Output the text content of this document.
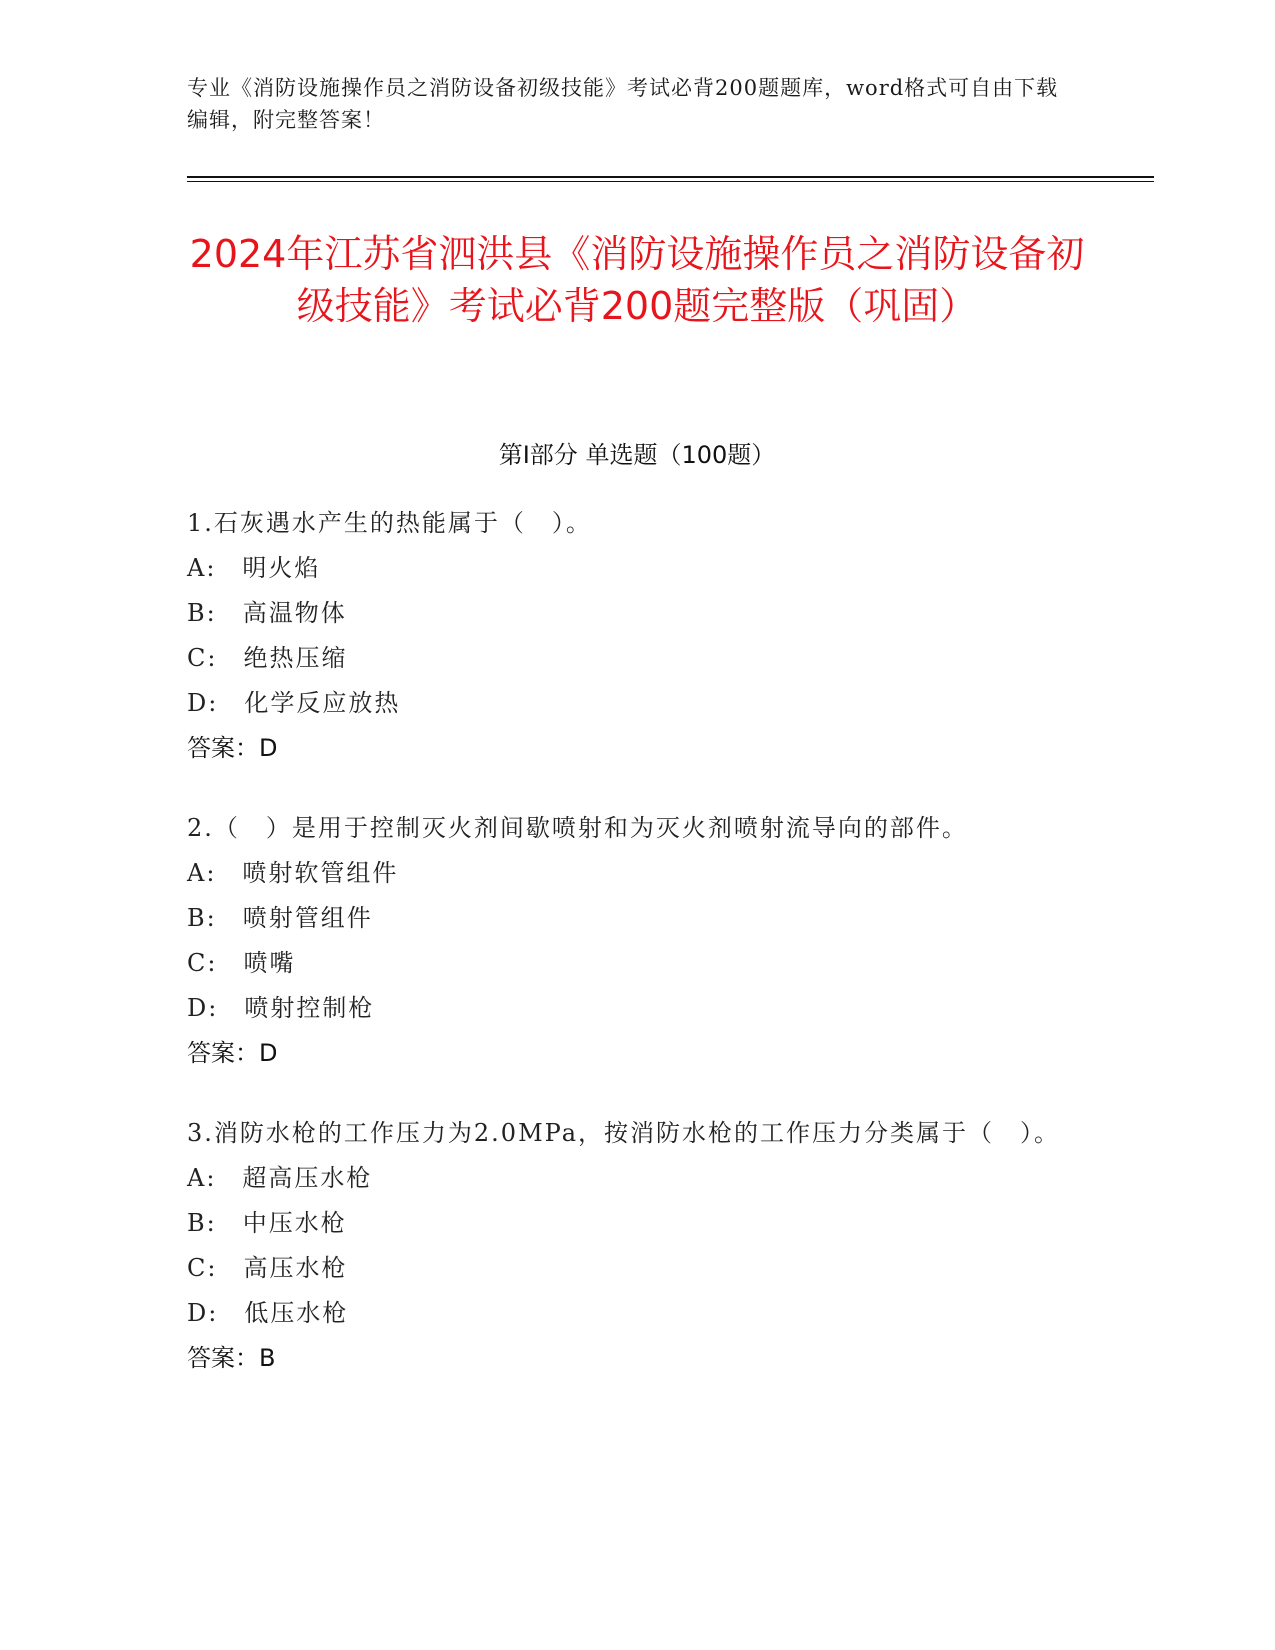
专业《消防设施操作员之消防设备初级技能》考试必背200题题库，word格式可自由下载编辑，附完整答案！
2024年江苏省泗洪县《消防设施操作员之消防设备初级技能》考试必背200题完整版（巩固）
第I部分 单选题（100题）

1.石灰遇水产生的热能属于（　）。

A:　明火焰

B:　高温物体

C:　绝热压缩

D:　化学反应放热

答案：D

2.（　）是用于控制灭火剂间歇喷射和为灭火剂喷射流导向的部件。

A:　喷射软管组件

B:　喷射管组件

C:　喷嘴

D:　喷射控制枪

答案：D

3.消防水枪的工作压力为2.0MPa，按消防水枪的工作压力分类属于（　）。

A:　超高压水枪

B:　中压水枪

C:　高压水枪

D:　低压水枪

答案：B
